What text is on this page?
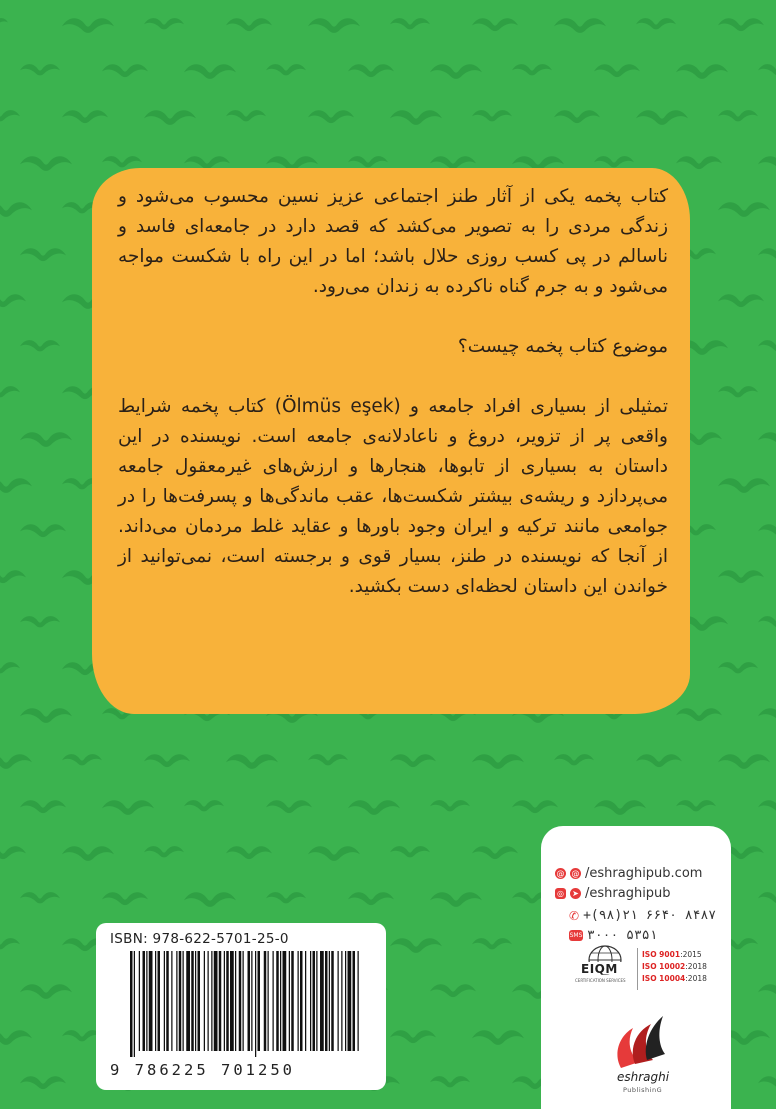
کتاب پخمه یکی از آثار طنز اجتماعی عزیز نسین محسوب می‌شود و زندگی مردی را به تصویر می‌کشد که قصد دارد در جامعه‌ای فاسد و ناسالم در پی کسب روزی حلال باشد؛ اما در این راه با شکست مواجه می‌شود و به جرم گناه ناکرده به زندان می‌رود.

موضوع کتاب پخمه چیست؟

تمثیلی از بسیاری افراد جامعه و (Ölmüs eşek) کتاب پخمه شرایط واقعی پر از تزویر، دروغ و ناعادلانه‌ی جامعه است. نویسنده در این داستان به بسیاری از تابوها، هنجارها و ارزش‌های غیرمعقول جامعه می‌پردازد و ریشه‌ی بیشتر شکست‌ها، عقب ماندگی‌ها و پسرفت‌ها را در جوامعی مانند ترکیه و ایران وجود باورها و عقاید غلط مردمان می‌داند. از آنجا که نویسنده در طنز، بسیار قوی و برجسته است، نمی‌توانید از خواندن این داستان لحظه‌ای دست بکشید.

ISBN: 978-622-5701-25-0
9 786225 701250
@ @ /eshraghipub.com
◎ ➤ /eshraghipub
✆ +(۹۸)۲۱ ۶۶۴۰ ۸۴۸۷
SMS ۳۰۰۰ ۵۳۵۱
EIQM
CERTIFICATION SERVICES
ISO 9001:2015
ISO 10002:2018
ISO 10004:2018
eshraghi
PublishinG
